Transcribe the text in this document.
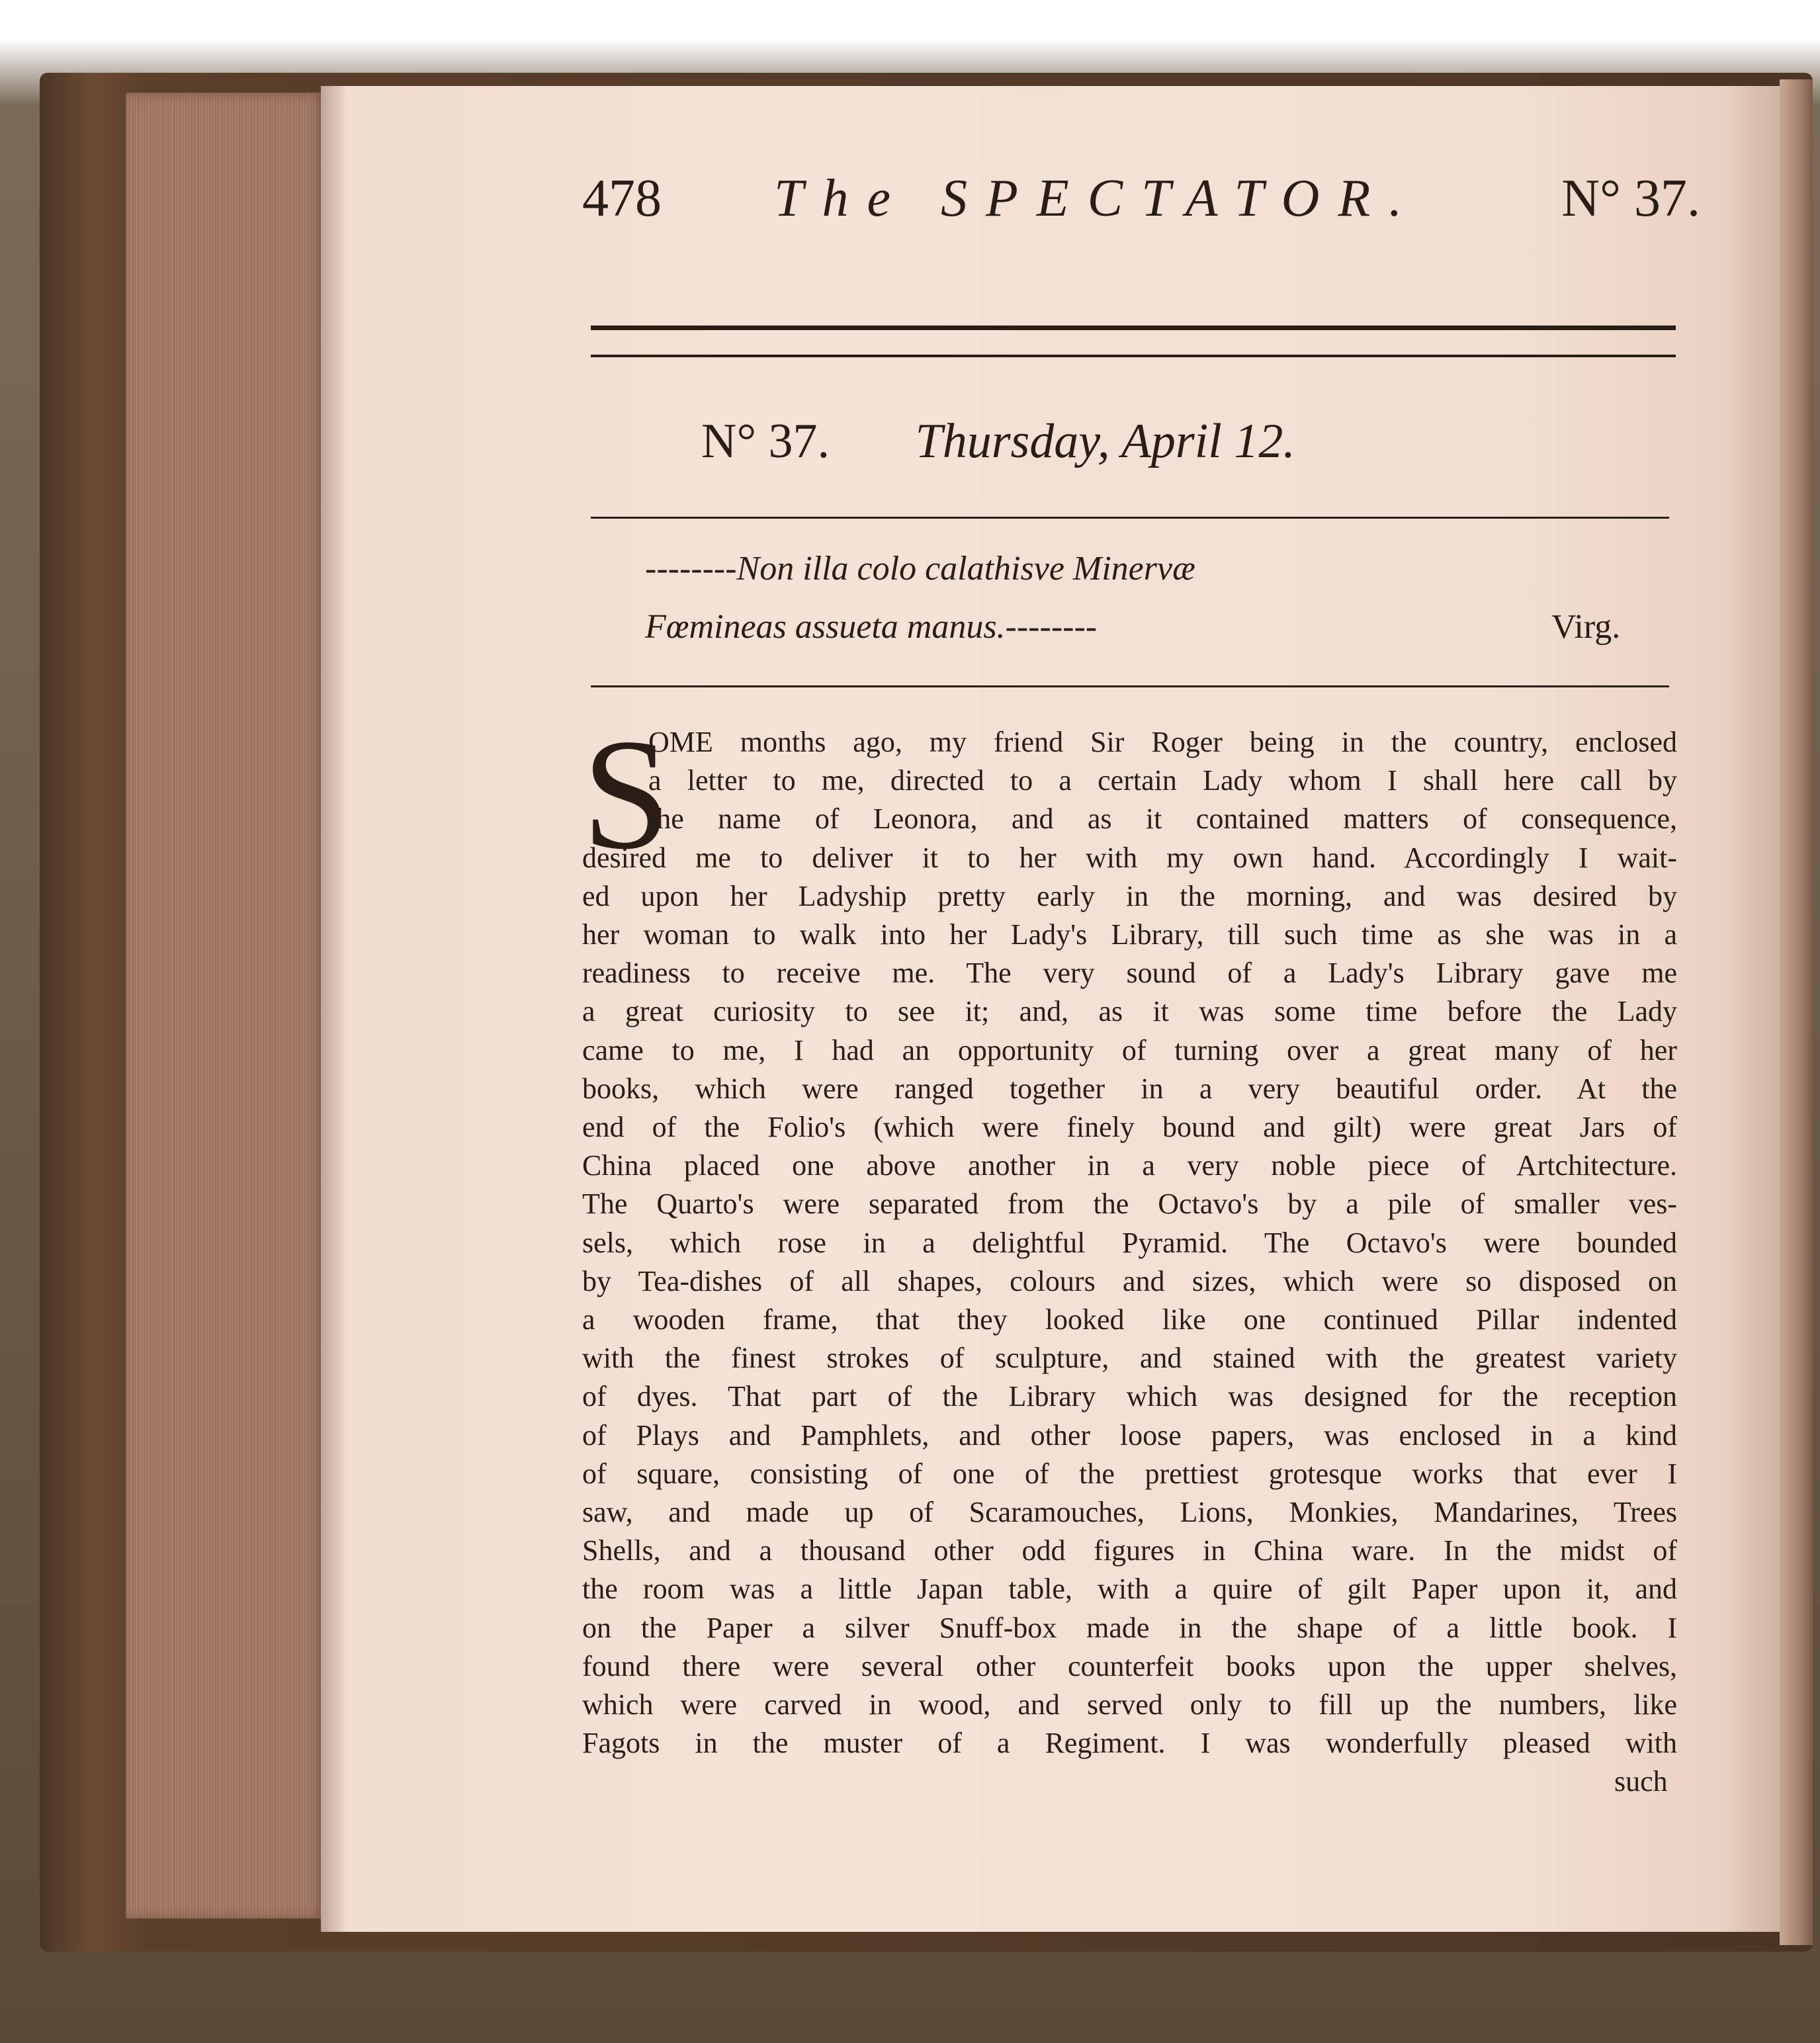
478 The SPECTATOR.	N° 37.
N° 37. Thursday, April 12.
--------Non illa colo calathisve Minervæ
Fœmineas assueta manus.--------	Virg.
S
OME months ago, my friend Sir Roger being in the country, enclosed
a letter to me, directed to a certain Lady whom I shall here call by
the name of Leonora, and as it contained matters of consequence,
desired me to deliver it to her with my own hand. Accordingly I wait-
ed upon her Ladyship pretty early in the morning, and was desired by
her woman to walk into her Lady's Library, till such time as she was in a
readiness to receive me. The very sound of a Lady's Library gave me
a great curiosity to see it; and, as it was some time before the Lady
came to me, I had an opportunity of turning over a great many of her
books, which were ranged together in a very beautiful order. At the
end of the Folio's (which were finely bound and gilt) were great Jars of
China placed one above another in a very noble piece of Artchitecture.
The Quarto's were separated from the Octavo's by a pile of smaller ves-
sels, which rose in a delightful Pyramid. The Octavo's were bounded
by Tea-dishes of all shapes, colours and sizes, which were so disposed on
a wooden frame, that they looked like one continued Pillar indented
with the finest strokes of sculpture, and stained with the greatest variety
of dyes. That part of the Library which was designed for the reception
of Plays and Pamphlets, and other loose papers, was enclosed in a kind
of square, consisting of one of the prettiest grotesque works that ever I
saw, and made up of Scaramouches, Lions, Monkies, Mandarines, Trees
Shells, and a thousand other odd figures in China ware. In the midst of
the room was a little Japan table, with a quire of gilt Paper upon it, and
on the Paper a silver Snuff-box made in the shape of a little book. I
found there were several other counterfeit books upon the upper shelves,
which were carved in wood, and served only to fill up the numbers, like
Fagots in the muster of a Regiment. I was wonderfully pleased with
such
